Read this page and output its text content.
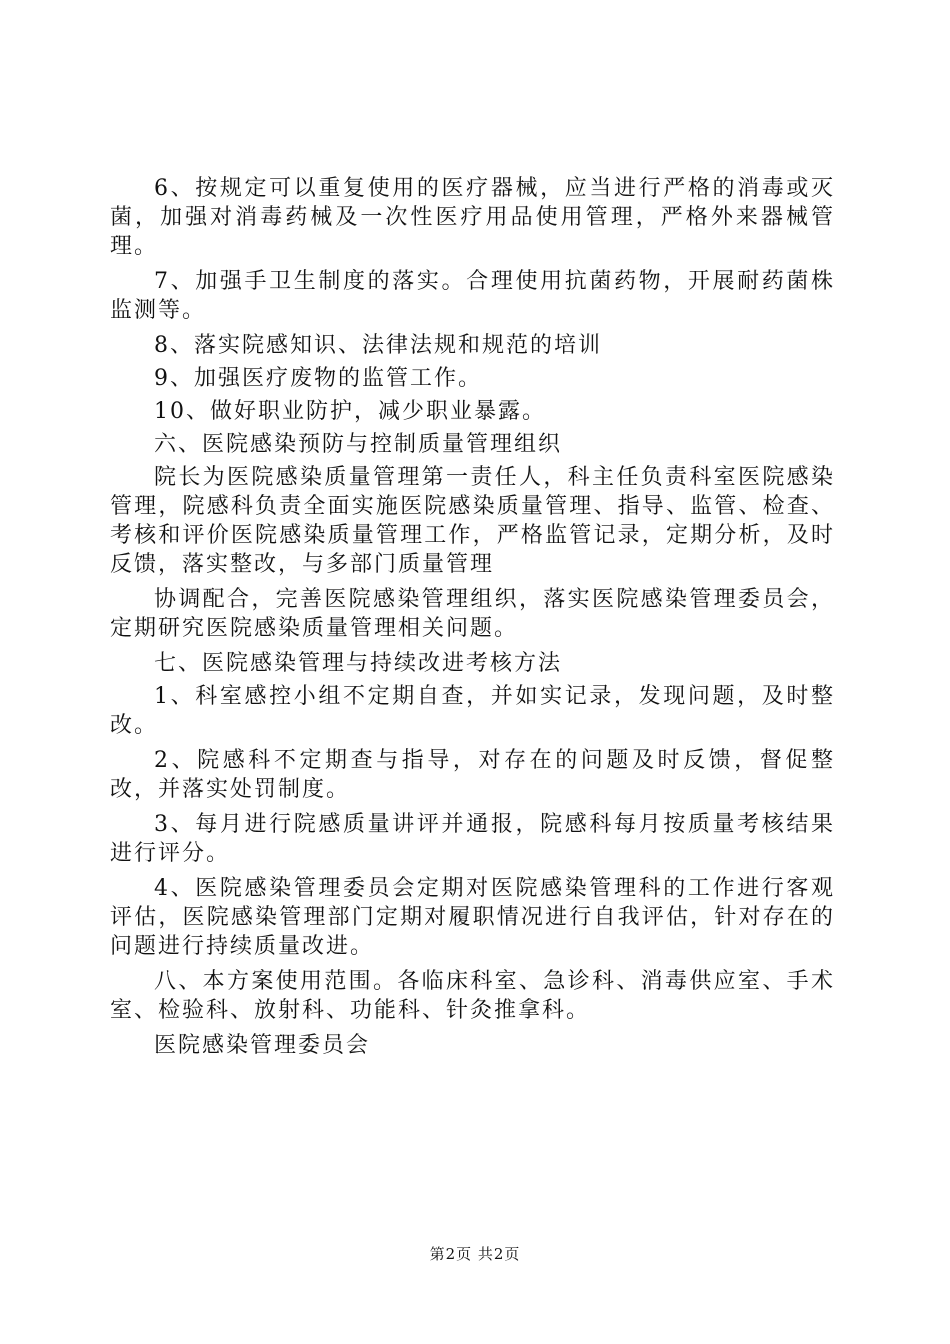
6、按规定可以重复使用的医疗器械，应当进行严格的消毒或灭菌，加强对消毒药械及一次性医疗用品使用管理，严格外来器械管理。

7、加强手卫生制度的落实。合理使用抗菌药物，开展耐药菌株监测等。

8、落实院感知识、法律法规和规范的培训

9、加强医疗废物的监管工作。

10、做好职业防护，减少职业暴露。

六、医院感染预防与控制质量管理组织

院长为医院感染质量管理第一责任人，科主任负责科室医院感染管理，院感科负责全面实施医院感染质量管理、指导、监管、检查、考核和评价医院感染质量管理工作，严格监管记录，定期分析，及时反馈，落实整改，与多部门质量管理

协调配合，完善医院感染管理组织，落实医院感染管理委员会，定期研究医院感染质量管理相关问题。

七、医院感染管理与持续改进考核方法

1、科室感控小组不定期自查，并如实记录，发现问题，及时整改。

2、院感科不定期查与指导，对存在的问题及时反馈，督促整改，并落实处罚制度。

3、每月进行院感质量讲评并通报，院感科每月按质量考核结果进行评分。

4、医院感染管理委员会定期对医院感染管理科的工作进行客观评估，医院感染管理部门定期对履职情况进行自我评估，针对存在的问题进行持续质量改进。

八、本方案使用范围。各临床科室、急诊科、消毒供应室、手术室、检验科、放射科、功能科、针灸推拿科。

医院感染管理委员会

第2页 共2页
